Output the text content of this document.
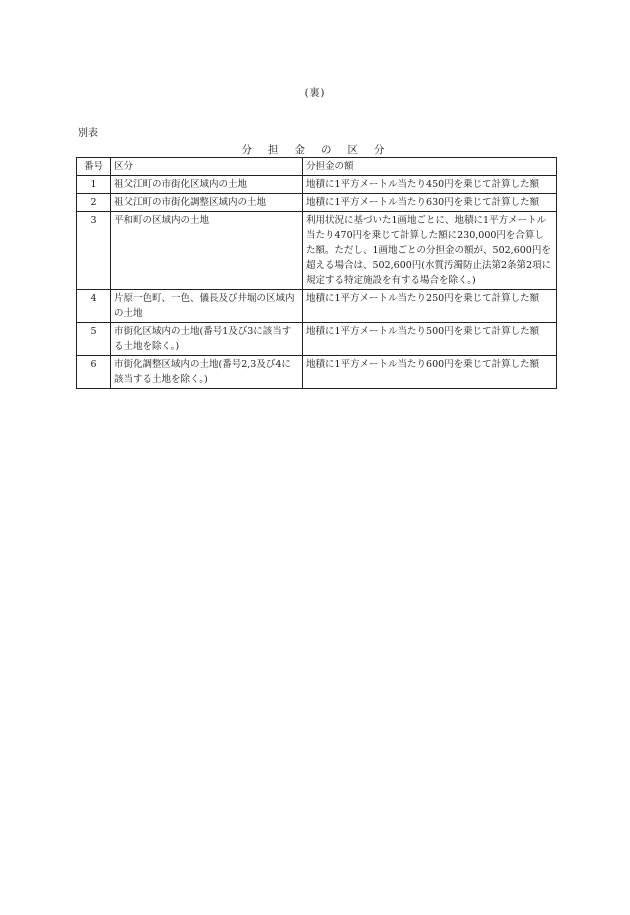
(裏)
別表
分担金の区分
番号	区分	分担金の額
1	祖父江町の市街化区域内の土地	地積に1平方メートル当たり450円を乗じて計算した額
2	祖父江町の市街化調整区域内の土地	地積に1平方メートル当たり630円を乗じて計算した額
3	平和町の区域内の土地	利用状況に基づいた1画地ごとに、地積に1平方メートル当たり470円を乗じて計算した額に230,000円を合算した額。ただし、1画地ごとの分担金の額が、502,600円を超える場合は、502,600円(水質汚濁防止法第2条第2項に規定する特定施設を有する場合を除く。)
4	片原一色町、一色、儀長及び井堀の区域内の土地	地積に1平方メートル当たり250円を乗じて計算した額
5	市街化区域内の土地(番号1及び3に該当する土地を除く。)	地積に1平方メートル当たり500円を乗じて計算した額
6	市街化調整区域内の土地(番号2,3及び4に該当する土地を除く。)	地積に1平方メートル当たり600円を乗じて計算した額
